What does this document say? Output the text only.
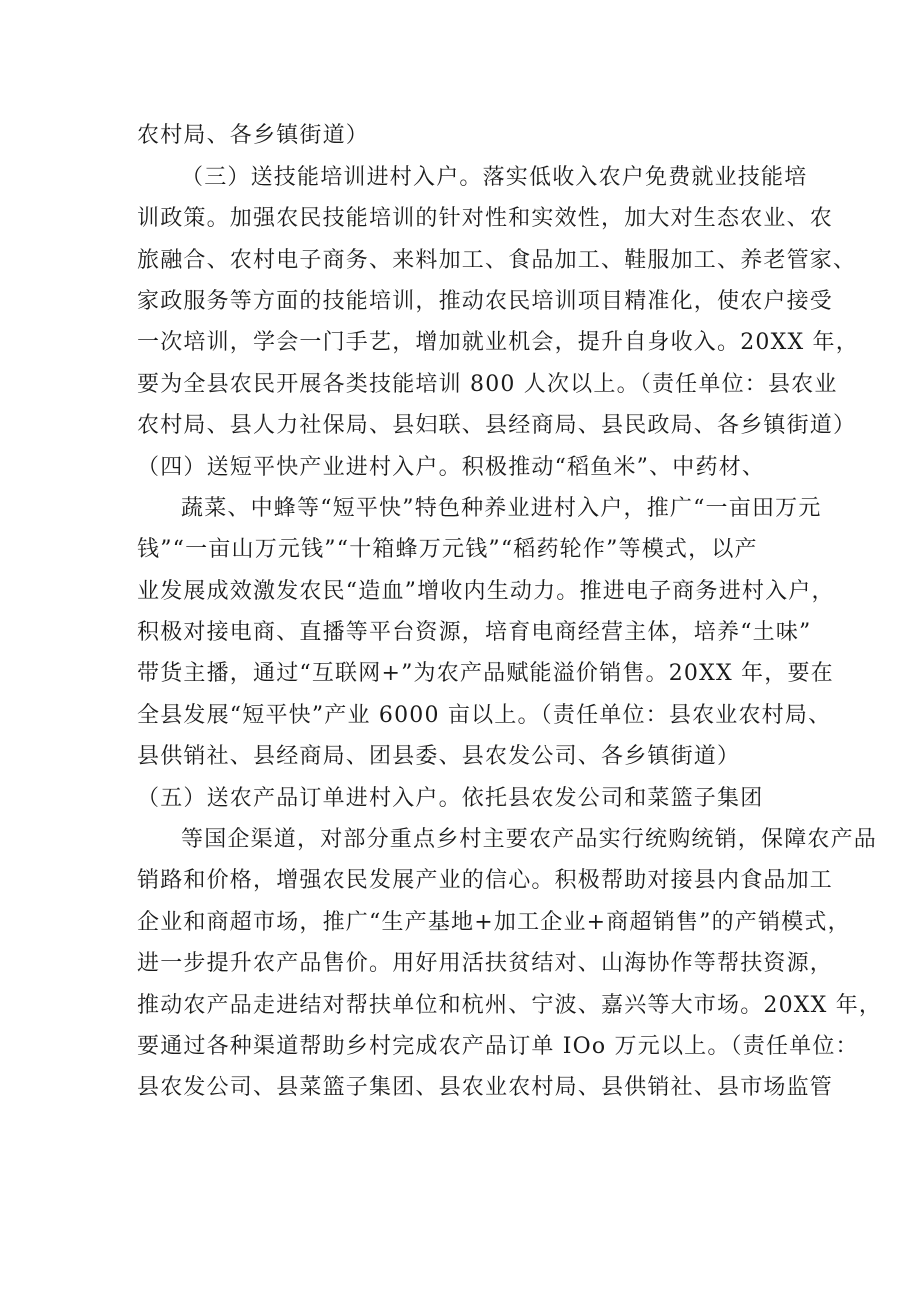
农村局、各乡镇街道）
（三）送技能培训进村入户。落实低收入农户免费就业技能培
训政策。加强农民技能培训的针对性和实效性，加大对生态农业、农
旅融合、农村电子商务、来料加工、食品加工、鞋服加工、养老管家、
家政服务等方面的技能培训，推动农民培训项目精准化，使农户接受
一次培训，学会一门手艺，增加就业机会，提升自身收入。20XX 年，
要为全县农民开展各类技能培训 800 人次以上。（责任单位：县农业
农村局、县人力社保局、县妇联、县经商局、县民政局、各乡镇街道）
（四）送短平快产业进村入户。积极推动“稻鱼米”、中药材、
蔬菜、中蜂等“短平快”特色种养业进村入户，推广“一亩田万元
钱”“一亩山万元钱”“十箱蜂万元钱”“稻药轮作”等模式，以产
业发展成效激发农民“造血”增收内生动力。推进电子商务进村入户，
积极对接电商、直播等平台资源，培育电商经营主体，培养“土味”
带货主播，通过“互联网+”为农产品赋能溢价销售。20XX 年，要在
全县发展“短平快”产业 6000 亩以上。（责任单位：县农业农村局、
县供销社、县经商局、团县委、县农发公司、各乡镇街道）
（五）送农产品订单进村入户。依托县农发公司和菜篮子集团
等国企渠道，对部分重点乡村主要农产品实行统购统销，保障农产品
销路和价格，增强农民发展产业的信心。积极帮助对接县内食品加工
企业和商超市场，推广“生产基地+加工企业+商超销售”的产销模式，
进一步提升农产品售价。用好用活扶贫结对、山海协作等帮扶资源，
推动农产品走进结对帮扶单位和杭州、宁波、嘉兴等大市场。20XX 年，
要通过各种渠道帮助乡村完成农产品订单 IOo 万元以上。（责任单位：
县农发公司、县菜篮子集团、县农业农村局、县供销社、县市场监管
